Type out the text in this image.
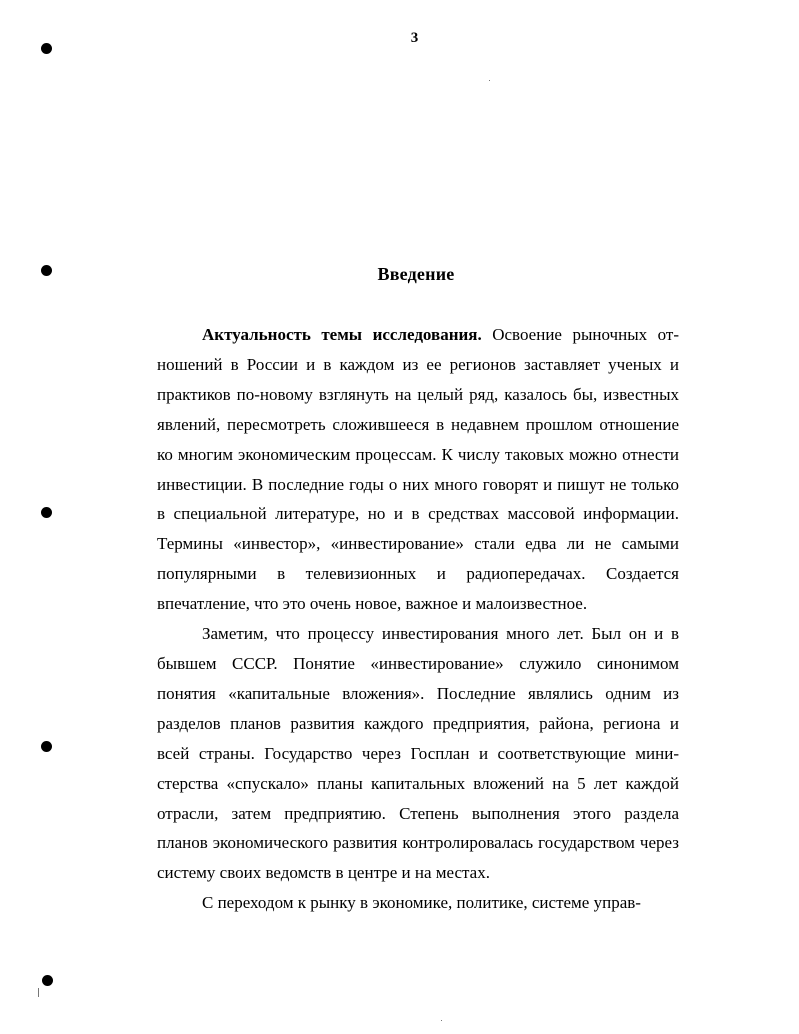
3
Введение

Актуальность темы исследования. Освоение рыночных отношений в России и в каждом из ее регионов заставляет ученых и практиков по-новому взглянуть на целый ряд, казалось бы, известных явлений, пересмотреть сложившееся в недавнем прошлом отношение ко многим экономическим процессам. К числу таковых можно отнести инвестиции. В последние годы о них много говорят и пишут не только в специальной литературе, но и в средствах массовой информации. Термины «инвестор», «инвестирование» стали едва ли не самыми популярными в телевизионных и радиопередачах. Создается впечатление, что это очень новое, важное и малоизвестное.

Заметим, что процессу инвестирования много лет. Был он и в бывшем СССР. Понятие «инвестирование» служило синонимом понятия «капитальные вложения». Последние являлись одним из разделов планов развития каждого предприятия, района, региона и всей страны. Государство через Госплан и соответствующие министерства «спускало» планы капитальных вложений на 5 лет каждой отрасли, затем предприятию. Степень выполнения этого раздела планов экономического развития контролировалась государством через систему своих ведомств в центре и на местах.

С переходом к рынку в экономике, политике, системе управ-
